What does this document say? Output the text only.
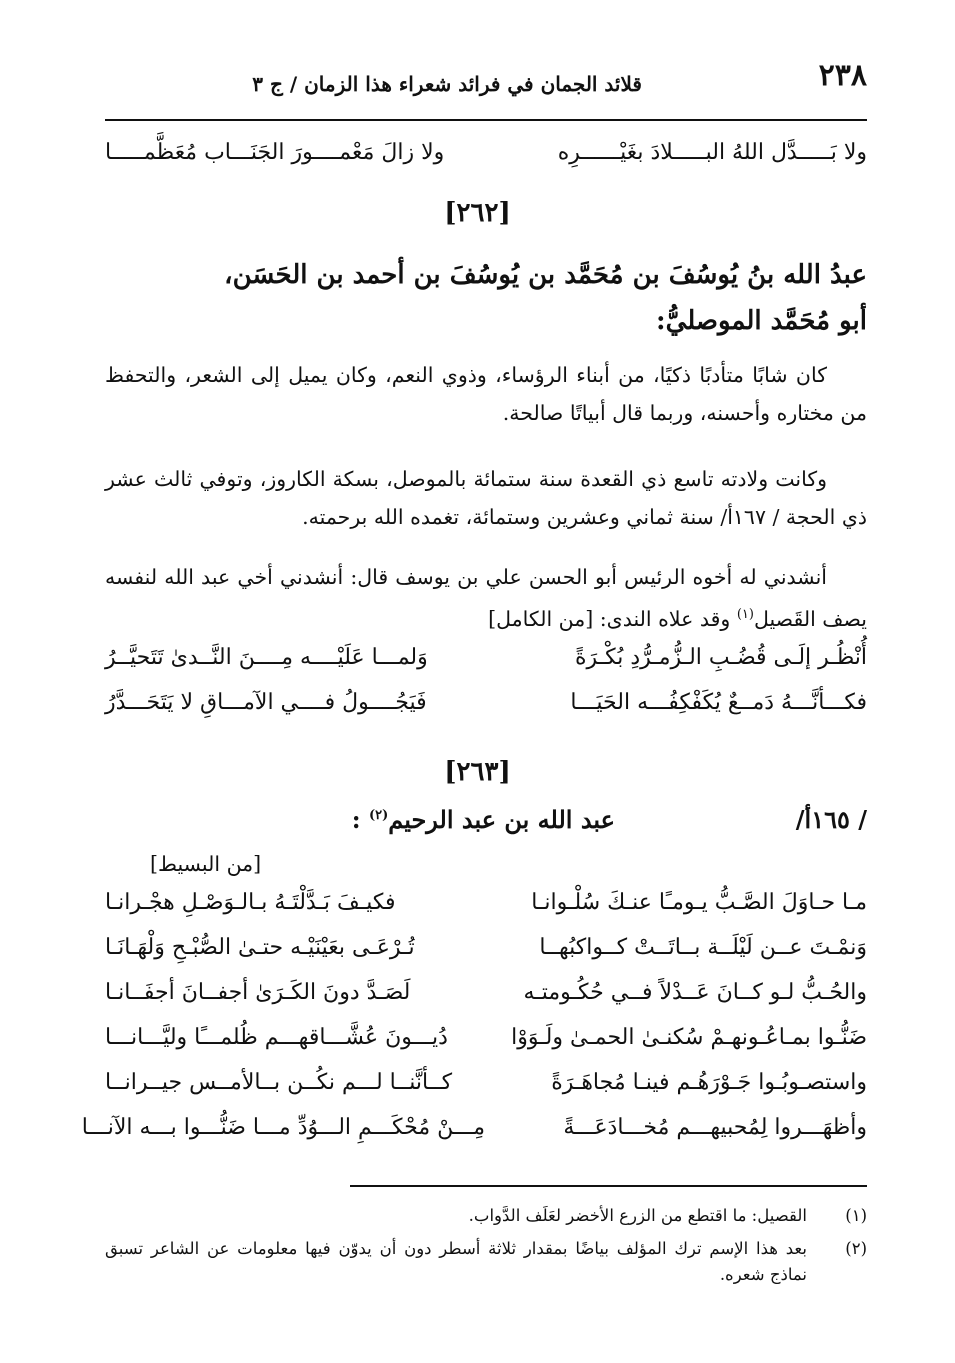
٢٣٨
قلائد الجمان في فرائد شعراء هذا الزمان / ج ٣
ولا بَـــــدَّل اللهُ البـــــلادَ بغَيْــــــرِه
ولا زالَ مَعْمــــورَ الجَنَـــاب مُعَظَّمـــــا
[٢٦٢]
عبدُ الله بنُ يُوسُفَ بن مُحَمَّد بن يُوسُفَ بن أحمد بن الحَسَن،
أبو مُحَمَّد الموصليُّ:
كان شابًا متأدبًا ذكيًا، من أبناء الرؤساء، وذوي النعم، وكان يميل إلى الشعر، والتحفظ من مختاره وأحسنه، وربما قال أبياتًا صالحة.
وكانت ولادته تاسع ذي القعدة سنة ستمائة بالموصل، بسكة الكاروز، وتوفي ثالث عشر ذي الحجة / ١٦٧أ/ سنة ثماني وعشرين وستمائة، تغمده الله برحمته.
أنشدني له أخوه الرئيس أبو الحسن علي بن يوسف قال: أنشدني أخي عبد الله لنفسه يصف القَصيل$^{(١)}$ وقد علاه الندى: [من الكامل]
أُنْظُـر إلَـى قُضُـبِ الـزُّمـرُّدِ بُكْـرَةً
وَلمـــا عَلَيْــــه مِــــنَ النَّــدىٰ تَتَحيَّــرُ
فكـــأنَّـــهُ دَمــعٌ يُكَفْكِفُـــه الحَيَـــا
فَيَجُــــولُ فــــي الآمـــاقِ لا يَتَحَـــدَّرُ
[٢٦٣]
/ ١٦٥أ/
عبد الله بن عبد الرحيم$^{(٢)}$ :
[من البسيط]
مـا حـاوَلَ الصَّـبُّ يـومـًا عنـكَ سُلْـوانـا
فكيـفَ بَـدَّلْتَـهُ بـالـوَصْـلِ هجْـرانـا
وَنمْـتَ عــن لَيْلَــة بــاتَــتْ كــواكبُهــا
تُـرْعَـى بعَيْنَيْـه حتـىٰ الصُّبْـحِ وَلْهَـانَـا
والحُـبُّ لـو كــانَ عَــدْلاً فــي حُكُـومتـه
لَصَـدَّ دونَ الكَـرَىٰ أجفــانَ أجفَــانـا
ضَنُّـوا بمـاعُـونهـمْ سُكنـىٰ الحمـىٰ ولَـوَوْا
دُيـــونَ عُشَّـــاقهـــم ظُلمـــًا وليَّـــانـــا
واستصـوبُـوا جَـوْرَهُـم فينـا مُجاهَـرَةً
كــأنَّنــا لـــم نكُــن بــالأمــس جيــرانــا
وأظهَـــروا لِمُحبيهـــم مُخـــادَعَـــةً
مِـــنْ مُحْكَـــمِ الـــوُدِّ مـــا ضَنُّـــوا بـــه الآنـــا
(١)
القصيل: ما اقتطع من الزرع الأخضر لعَلَف الدَّواب.
(٢)
بعد هذا الإسم ترك المؤلف بياضًا بمقدار ثلاثة أسطر دون أن يدوّن فيها معلومات عن الشاعر تسبق نماذج شعره.
